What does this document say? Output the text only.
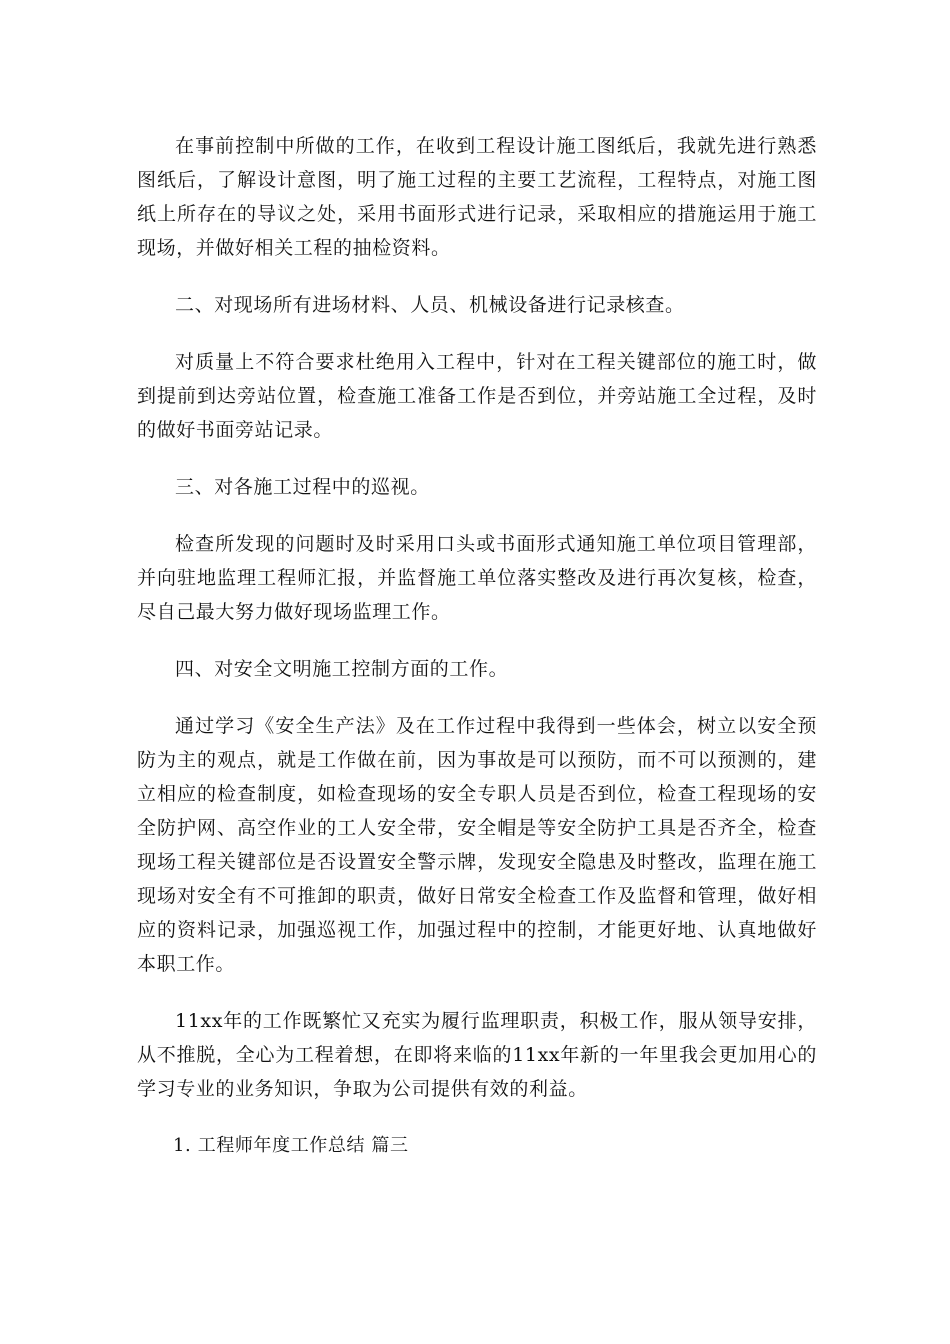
在事前控制中所做的工作，在收到工程设计施工图纸后，我就先进行熟悉图纸后，了解设计意图，明了施工过程的主要工艺流程，工程特点，对施工图纸上所存在的导议之处，采用书面形式进行记录，采取相应的措施运用于施工现场，并做好相关工程的抽检资料。

二、对现场所有进场材料、人员、机械设备进行记录核查。

对质量上不符合要求杜绝用入工程中，针对在工程关键部位的施工时，做到提前到达旁站位置，检查施工准备工作是否到位，并旁站施工全过程，及时的做好书面旁站记录。

三、对各施工过程中的巡视。

检查所发现的问题时及时采用口头或书面形式通知施工单位项目管理部，并向驻地监理工程师汇报，并监督施工单位落实整改及进行再次复核，检查，尽自己最大努力做好现场监理工作。

四、对安全文明施工控制方面的工作。

通过学习《安全生产法》及在工作过程中我得到一些体会，树立以安全预防为主的观点，就是工作做在前，因为事故是可以预防，而不可以预测的，建立相应的检查制度，如检查现场的安全专职人员是否到位，检查工程现场的安全防护网、高空作业的工人安全带，安全帽是等安全防护工具是否齐全，检查现场工程关键部位是否设置安全警示牌，发现安全隐患及时整改，监理在施工现场对安全有不可推卸的职责，做好日常安全检查工作及监督和管理，做好相应的资料记录，加强巡视工作，加强过程中的控制，才能更好地、认真地做好本职工作。

11xx年的工作既繁忙又充实为履行监理职责，积极工作，服从领导安排，从不推脱，全心为工程着想，在即将来临的11xx年新的一年里我会更加用心的学习专业的业务知识，争取为公司提供有效的利益。

1. 工程师年度工作总结 篇三
